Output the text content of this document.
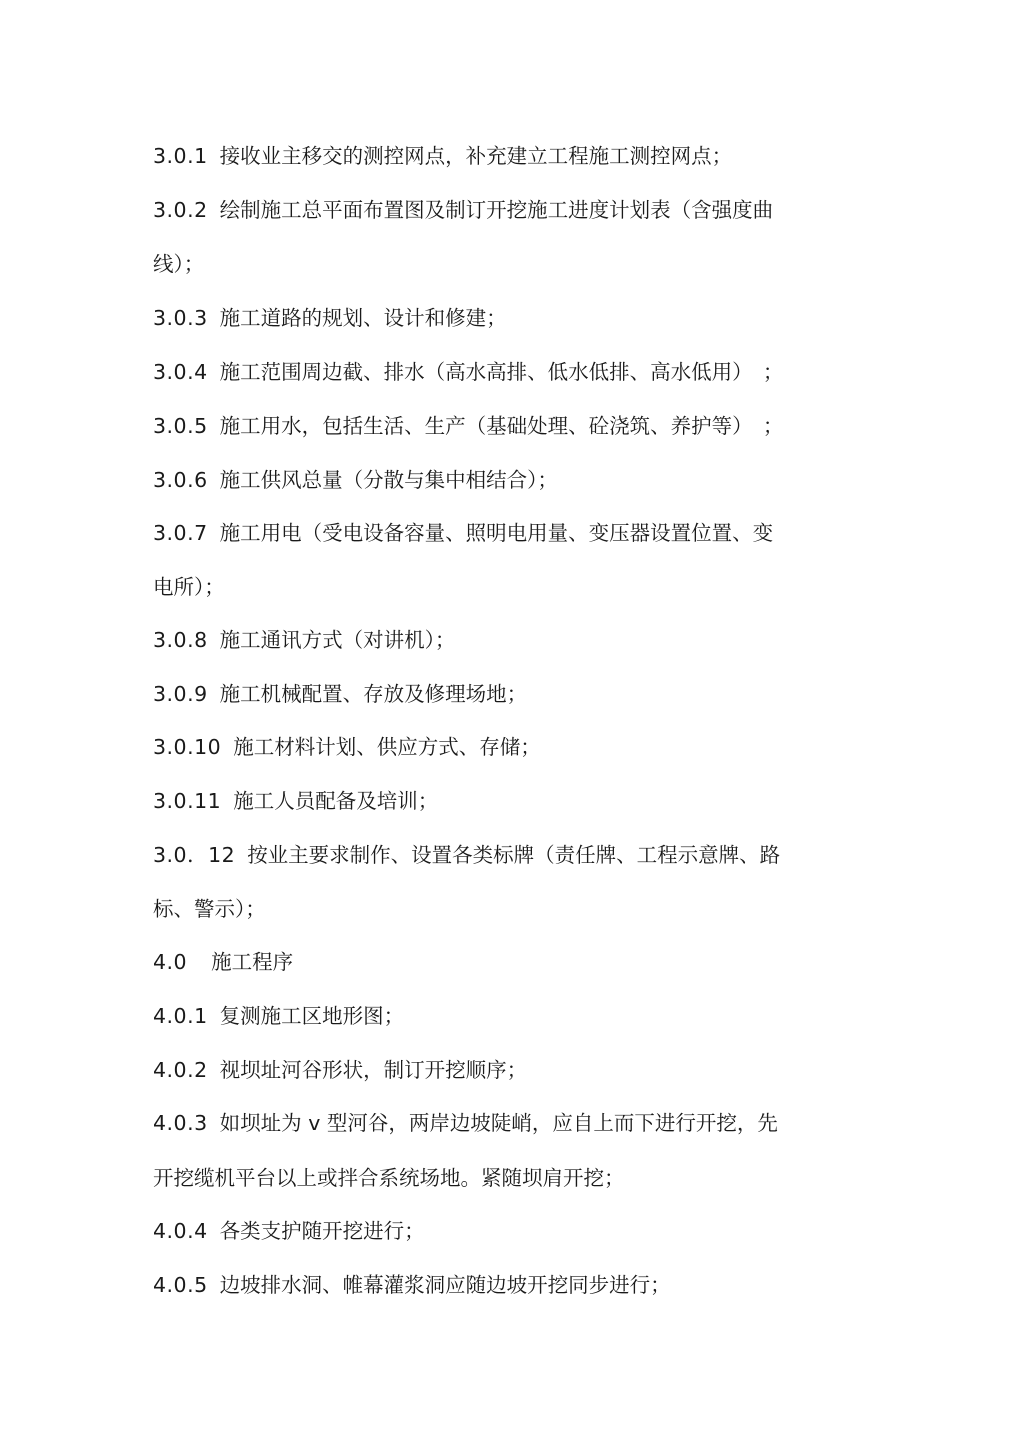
3.0.1 接收业主移交的测控网点，补充建立工程施工测控网点；
3.0.2 绘制施工总平面布置图及制订开挖施工进度计划表（含强度曲
线）；
3.0.3 施工道路的规划、设计和修建；
3.0.4 施工范围周边截、排水（高水高排、低水低排、高水低用）　；
3.0.5 施工用水，包括生活、生产（基础处理、砼浇筑、养护等）　；
3.0.6 施工供风总量（分散与集中相结合）；
3.0.7 施工用电（受电设备容量、照明电用量、变压器设置位置、变
电所）；
3.0.8 施工通讯方式（对讲机）；
3.0.9 施工机械配置、存放及修理场地；
3.0.10 施工材料计划、供应方式、存储；
3.0.11 施工人员配备及培训；
3.0．12 按业主要求制作、设置各类标牌（责任牌、工程示意牌、路
标、警示）；
4.0 施工程序
4.0.1 复测施工区地形图；
4.0.2 视坝址河谷形状，制订开挖顺序；
4.0.3 如坝址为 v 型河谷，两岸边坡陡峭，应自上而下进行开挖，先
开挖缆机平台以上或拌合系统场地。紧随坝肩开挖；
4.0.4 各类支护随开挖进行；
4.0.5 边坡排水洞、帷幕灌浆洞应随边坡开挖同步进行；
